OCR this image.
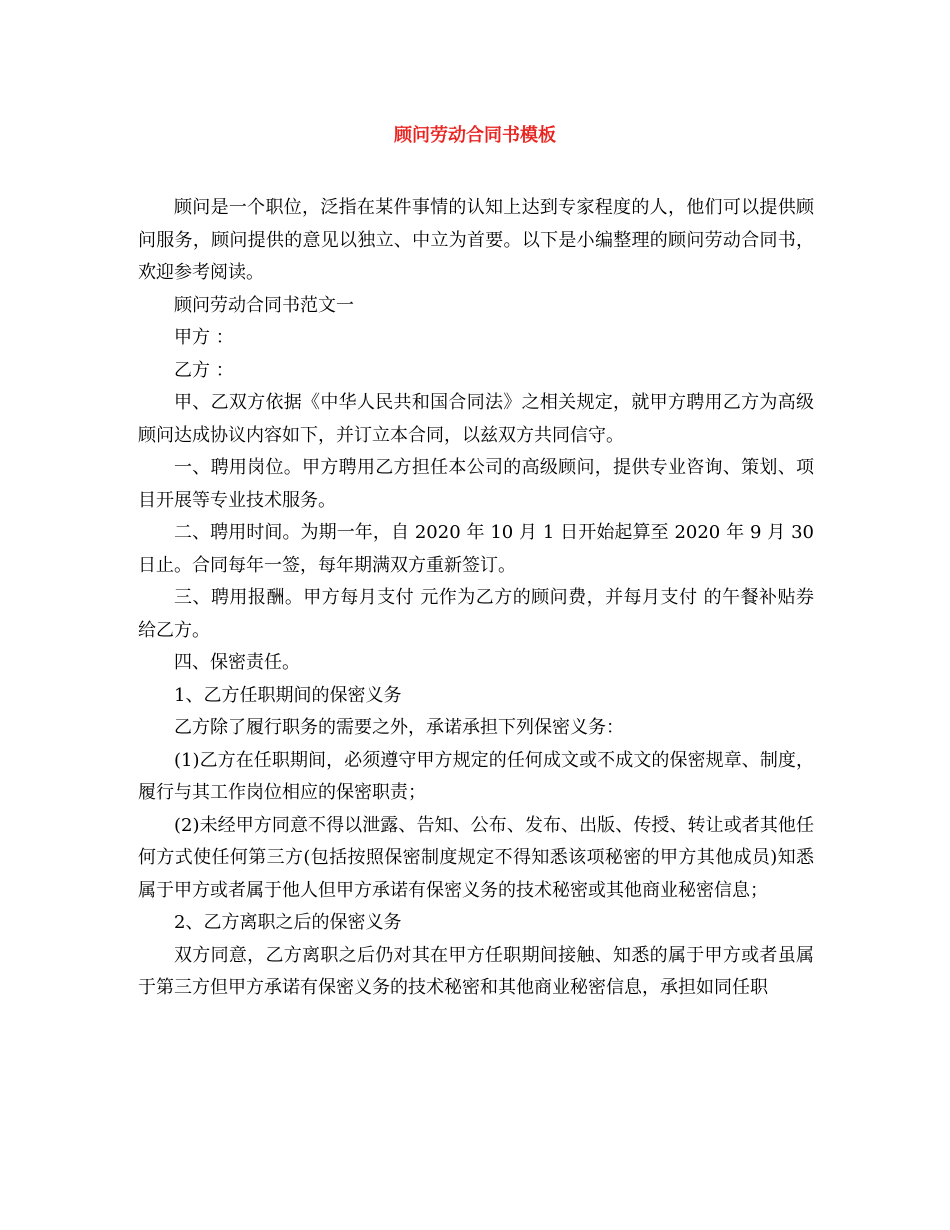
顾问劳动合同书模板

顾问是一个职位，泛指在某件事情的认知上达到专家程度的人，他们可以提供顾问服务，顾问提供的意见以独立、中立为首要。以下是小编整理的顾问劳动合同书，欢迎参考阅读。

顾问劳动合同书范文一

甲方 ：

乙方 ：

甲、乙双方依据《中华人民共和国合同法》之相关规定，就甲方聘用乙方为高级顾问达成协议内容如下，并订立本合同，以兹双方共同信守。

一、聘用岗位。甲方聘用乙方担任本公司的高级顾问，提供专业咨询、策划、项目开展等专业技术服务。

二、聘用时间。为期一年，自 2020 年 10 月 1 日开始起算至 2020 年 9 月 30 日止。合同每年一签，每年期满双方重新签订。

三、聘用报酬。甲方每月支付 元作为乙方的顾问费，并每月支付 的午餐补贴券给乙方。

四、保密责任。

1、乙方任职期间的保密义务

乙方除了履行职务的需要之外，承诺承担下列保密义务：

(1)乙方在任职期间，必须遵守甲方规定的任何成文或不成文的保密规章、制度，履行与其工作岗位相应的保密职责；

(2)未经甲方同意不得以泄露、告知、公布、发布、出版、传授、转让或者其他任何方式使任何第三方(包括按照保密制度规定不得知悉该项秘密的甲方其他成员)知悉属于甲方或者属于他人但甲方承诺有保密义务的技术秘密或其他商业秘密信息；

2、乙方离职之后的保密义务

双方同意，乙方离职之后仍对其在甲方任职期间接触、知悉的属于甲方或者虽属于第三方但甲方承诺有保密义务的技术秘密和其他商业秘密信息，承担如同任职
